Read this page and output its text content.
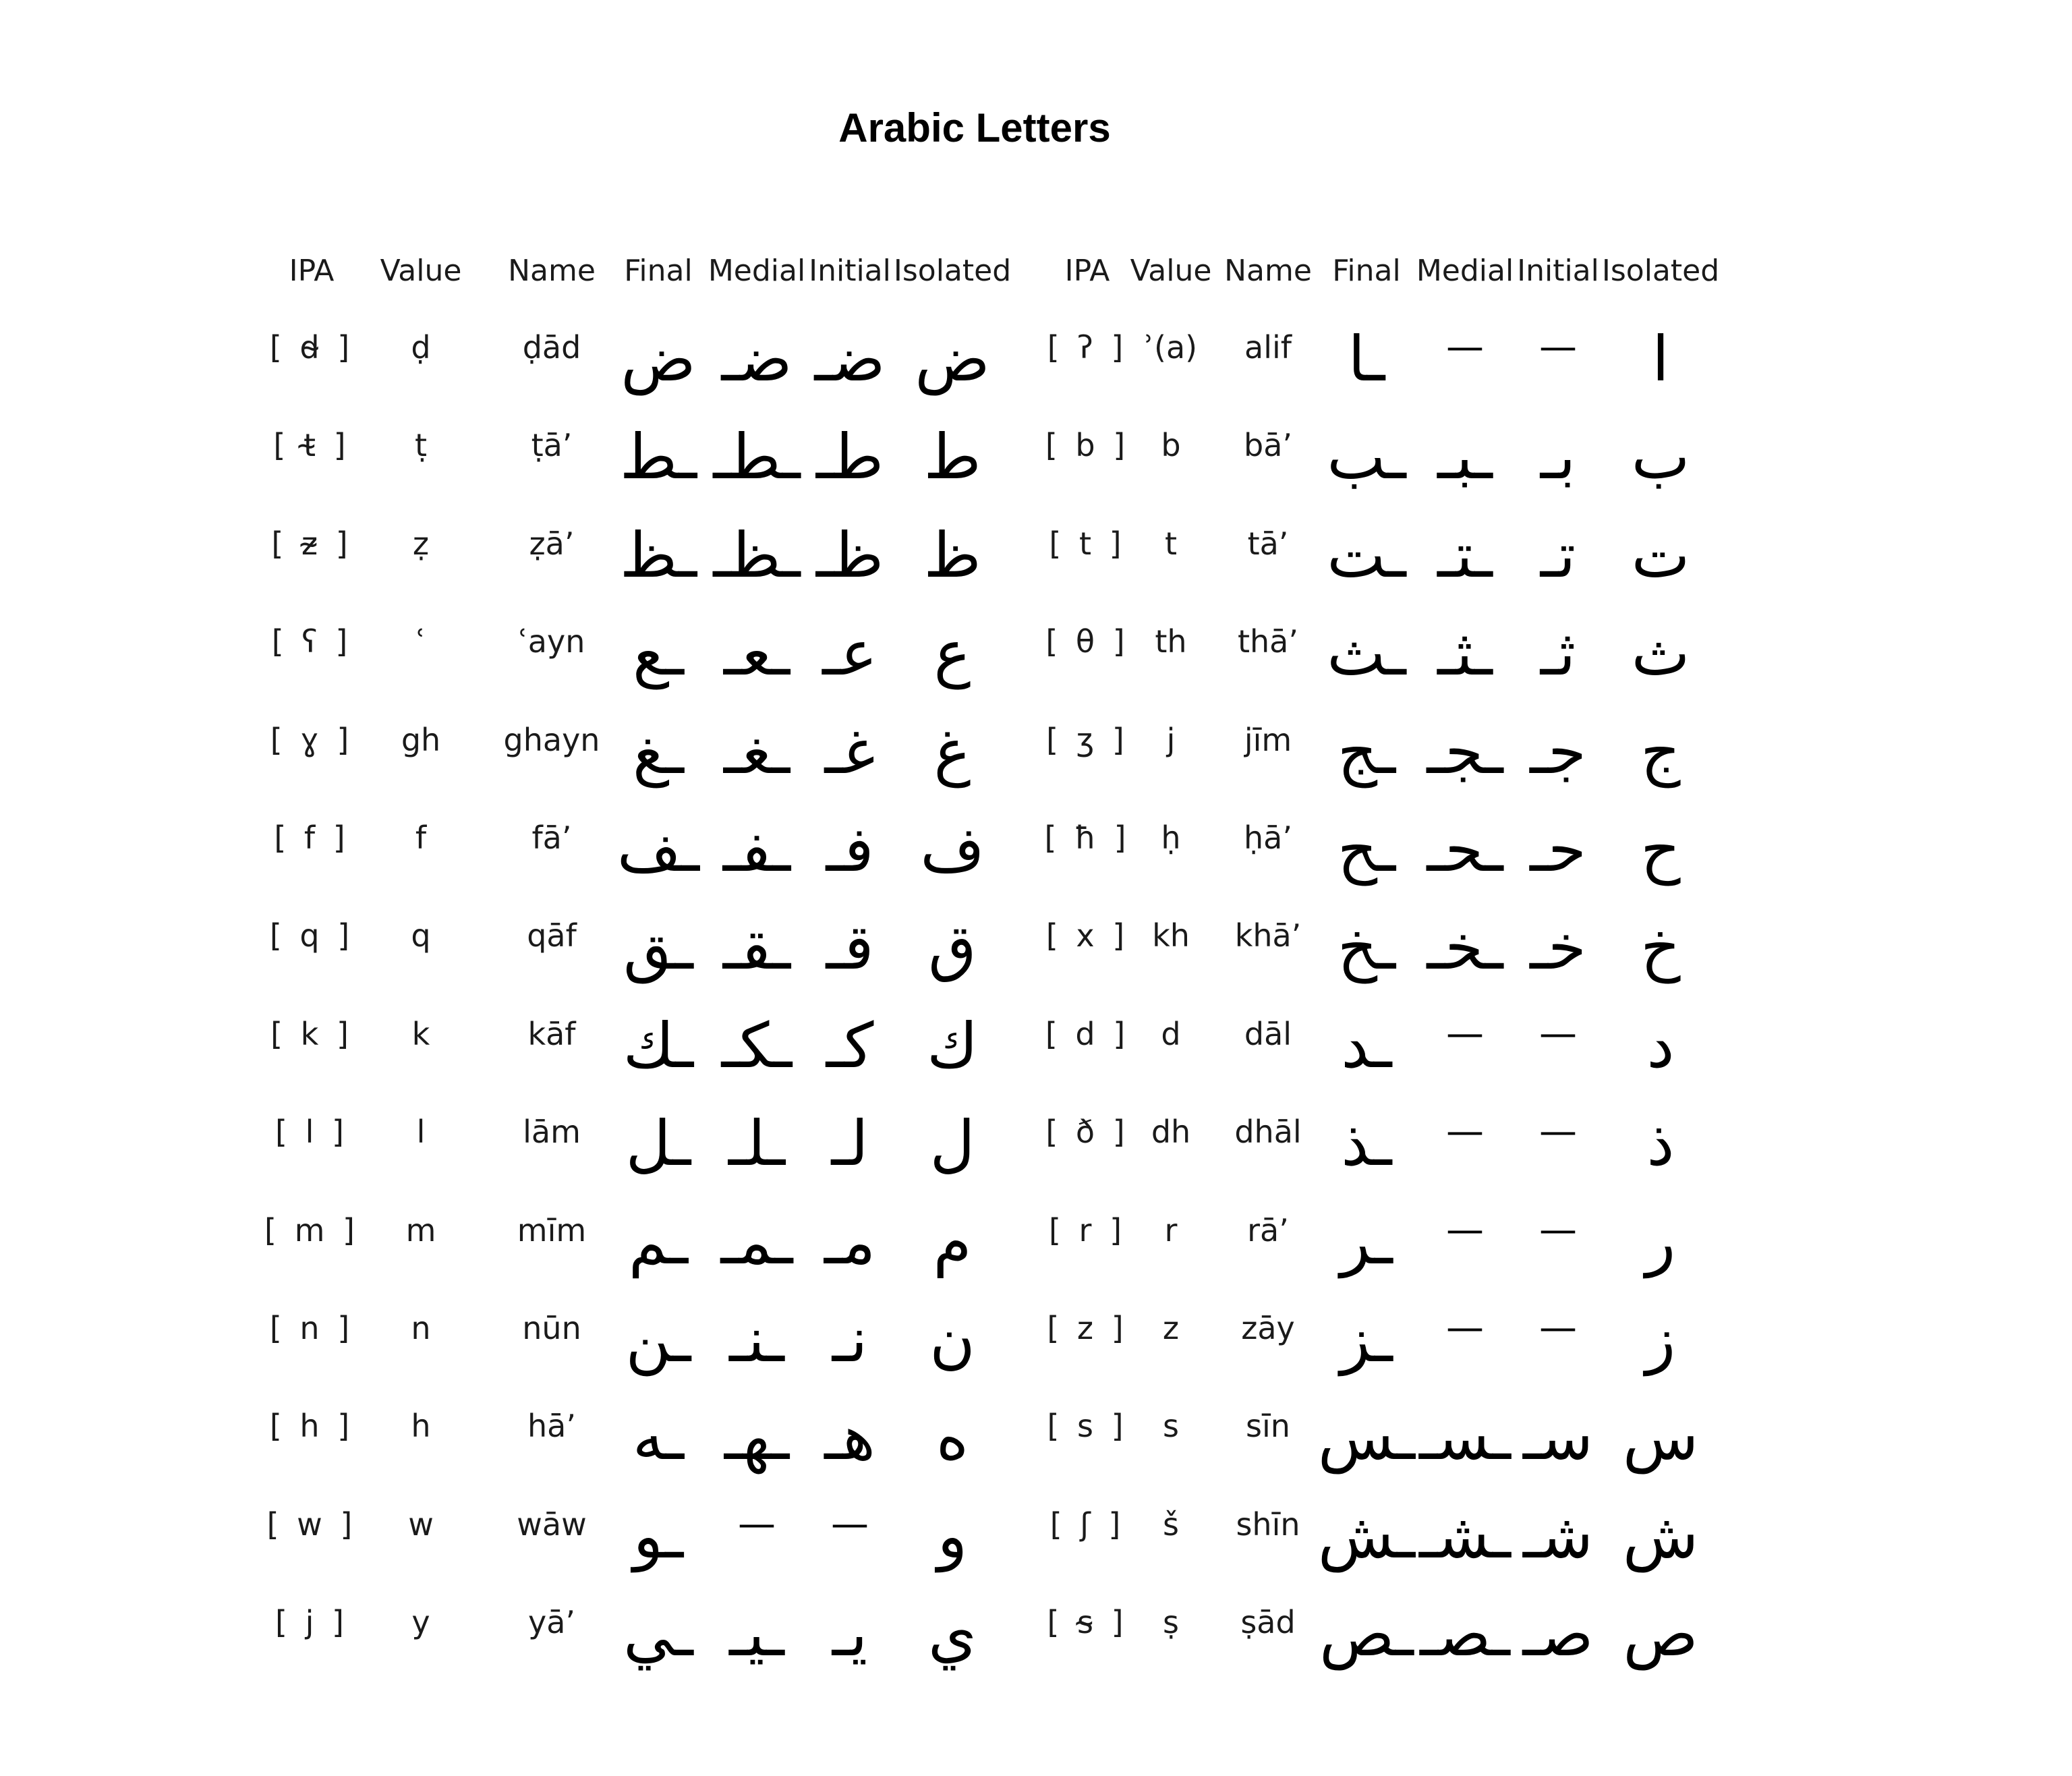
Arabic Letters
IPA Value Name Final Medial Initial Isolated
[ d̴ ] ḍ	ḍād ض ضـ ضـ ض
[ t̴ ] ṭ	ṭāʼ ـط ـطـ طـ ط
[ z̴ ] ẓ	ẓāʼ ـظ ـظـ ظـ ظ
[ ʕ ] ʿ	ʿayn ـع ـعـ عـ ع
[ ɣ ] gh ghayn ـغ ـغـ غـ غ
[ f ] f	fāʼ ـف ـفـ فـ ف
[ q ] q	qāf ـق ـقـ قـ ق
[ k ] k	kāf ـك ـكـ كـ ك
[ l ] l	lām ـل ـلـ لـ ل
[ m ] m	mīm ـم ـمـ مـ م
[ n ] n	nūn ـن ـنـ نـ ن
[ h ] h	hāʼ ـه ـهـ هـ ه
[ w ] w	wāw ـو — — و
[ j ] y	yāʼ ـي ـيـ يـ ي
IPA Value Name Final Medial Initial Isolated
[ ʔ ] ʾ(a) alif ـا — — ا
[ b ] b bāʼ ـب ـبـ بـ ب
[ t ] t tāʼ ـت ـتـ تـ ت
[ θ ] th thāʼ ـث ـثـ ثـ ث
[ ʒ ] j jīm ـج ـجـ جـ ج
[ ħ ] ḥ ḥāʼ ـح ـحـ حـ ح
[ x ] kh khāʼ ـخ ـخـ خـ خ
[ d ] d dāl ـد — — د
[ ð ] dh dhāl ـذ — — ذ
[ r ] r rāʼ ـر — — ر
[ z ] z zāy ـز — — ز
[ s ] s sīn ـس ـسـ سـ س
[ ʃ ] š shīn ـش ـشـ شـ ش
[ s̴ ] ṣ ṣād ـص ـصـ صـ ص
